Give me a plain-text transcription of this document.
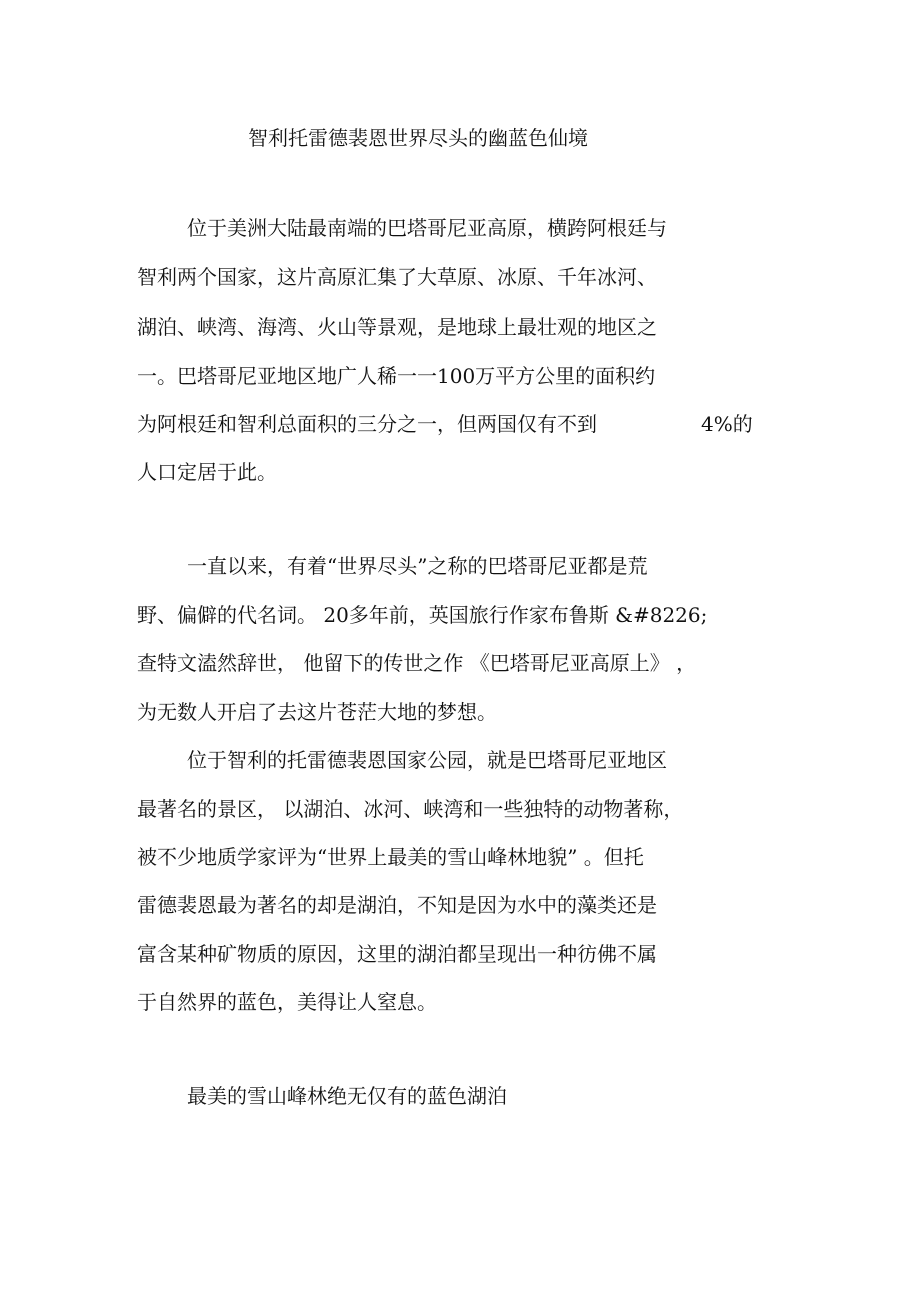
智利托雷德裴恩世界尽头的幽蓝色仙境
位于美洲大陆最南端的巴塔哥尼亚高原，横跨阿根廷与
智利两个国家，这片高原汇集了大草原、冰原、千年冰河、
湖泊、峡湾、海湾、火山等景观，是地球上最壮观的地区之
一。巴塔哥尼亚地区地广人稀一一100万平方公里的面积约
为阿根廷和智利总面积的三分之一，但两国仅有不到	4%的
人口定居于此。
一直以来，有着“世界尽头”之称的巴塔哥尼亚都是荒
野、偏僻的代名词。 20多年前，英国旅行作家布鲁斯 &#8226;
查特文溘然辞世， 他留下的传世之作 《巴塔哥尼亚高原上》 ，
为无数人开启了去这片苍茫大地的梦想。
位于智利的托雷德裴恩国家公园，就是巴塔哥尼亚地区
最著名的景区， 以湖泊、冰河、峡湾和一些独特的动物著称，
被不少地质学家评为“世界上最美的雪山峰林地貌” 。但托
雷德裴恩最为著名的却是湖泊，不知是因为水中的藻类还是
富含某种矿物质的原因，这里的湖泊都呈现出一种彷佛不属
于自然界的蓝色，美得让人窒息。
最美的雪山峰林绝无仅有的蓝色湖泊
